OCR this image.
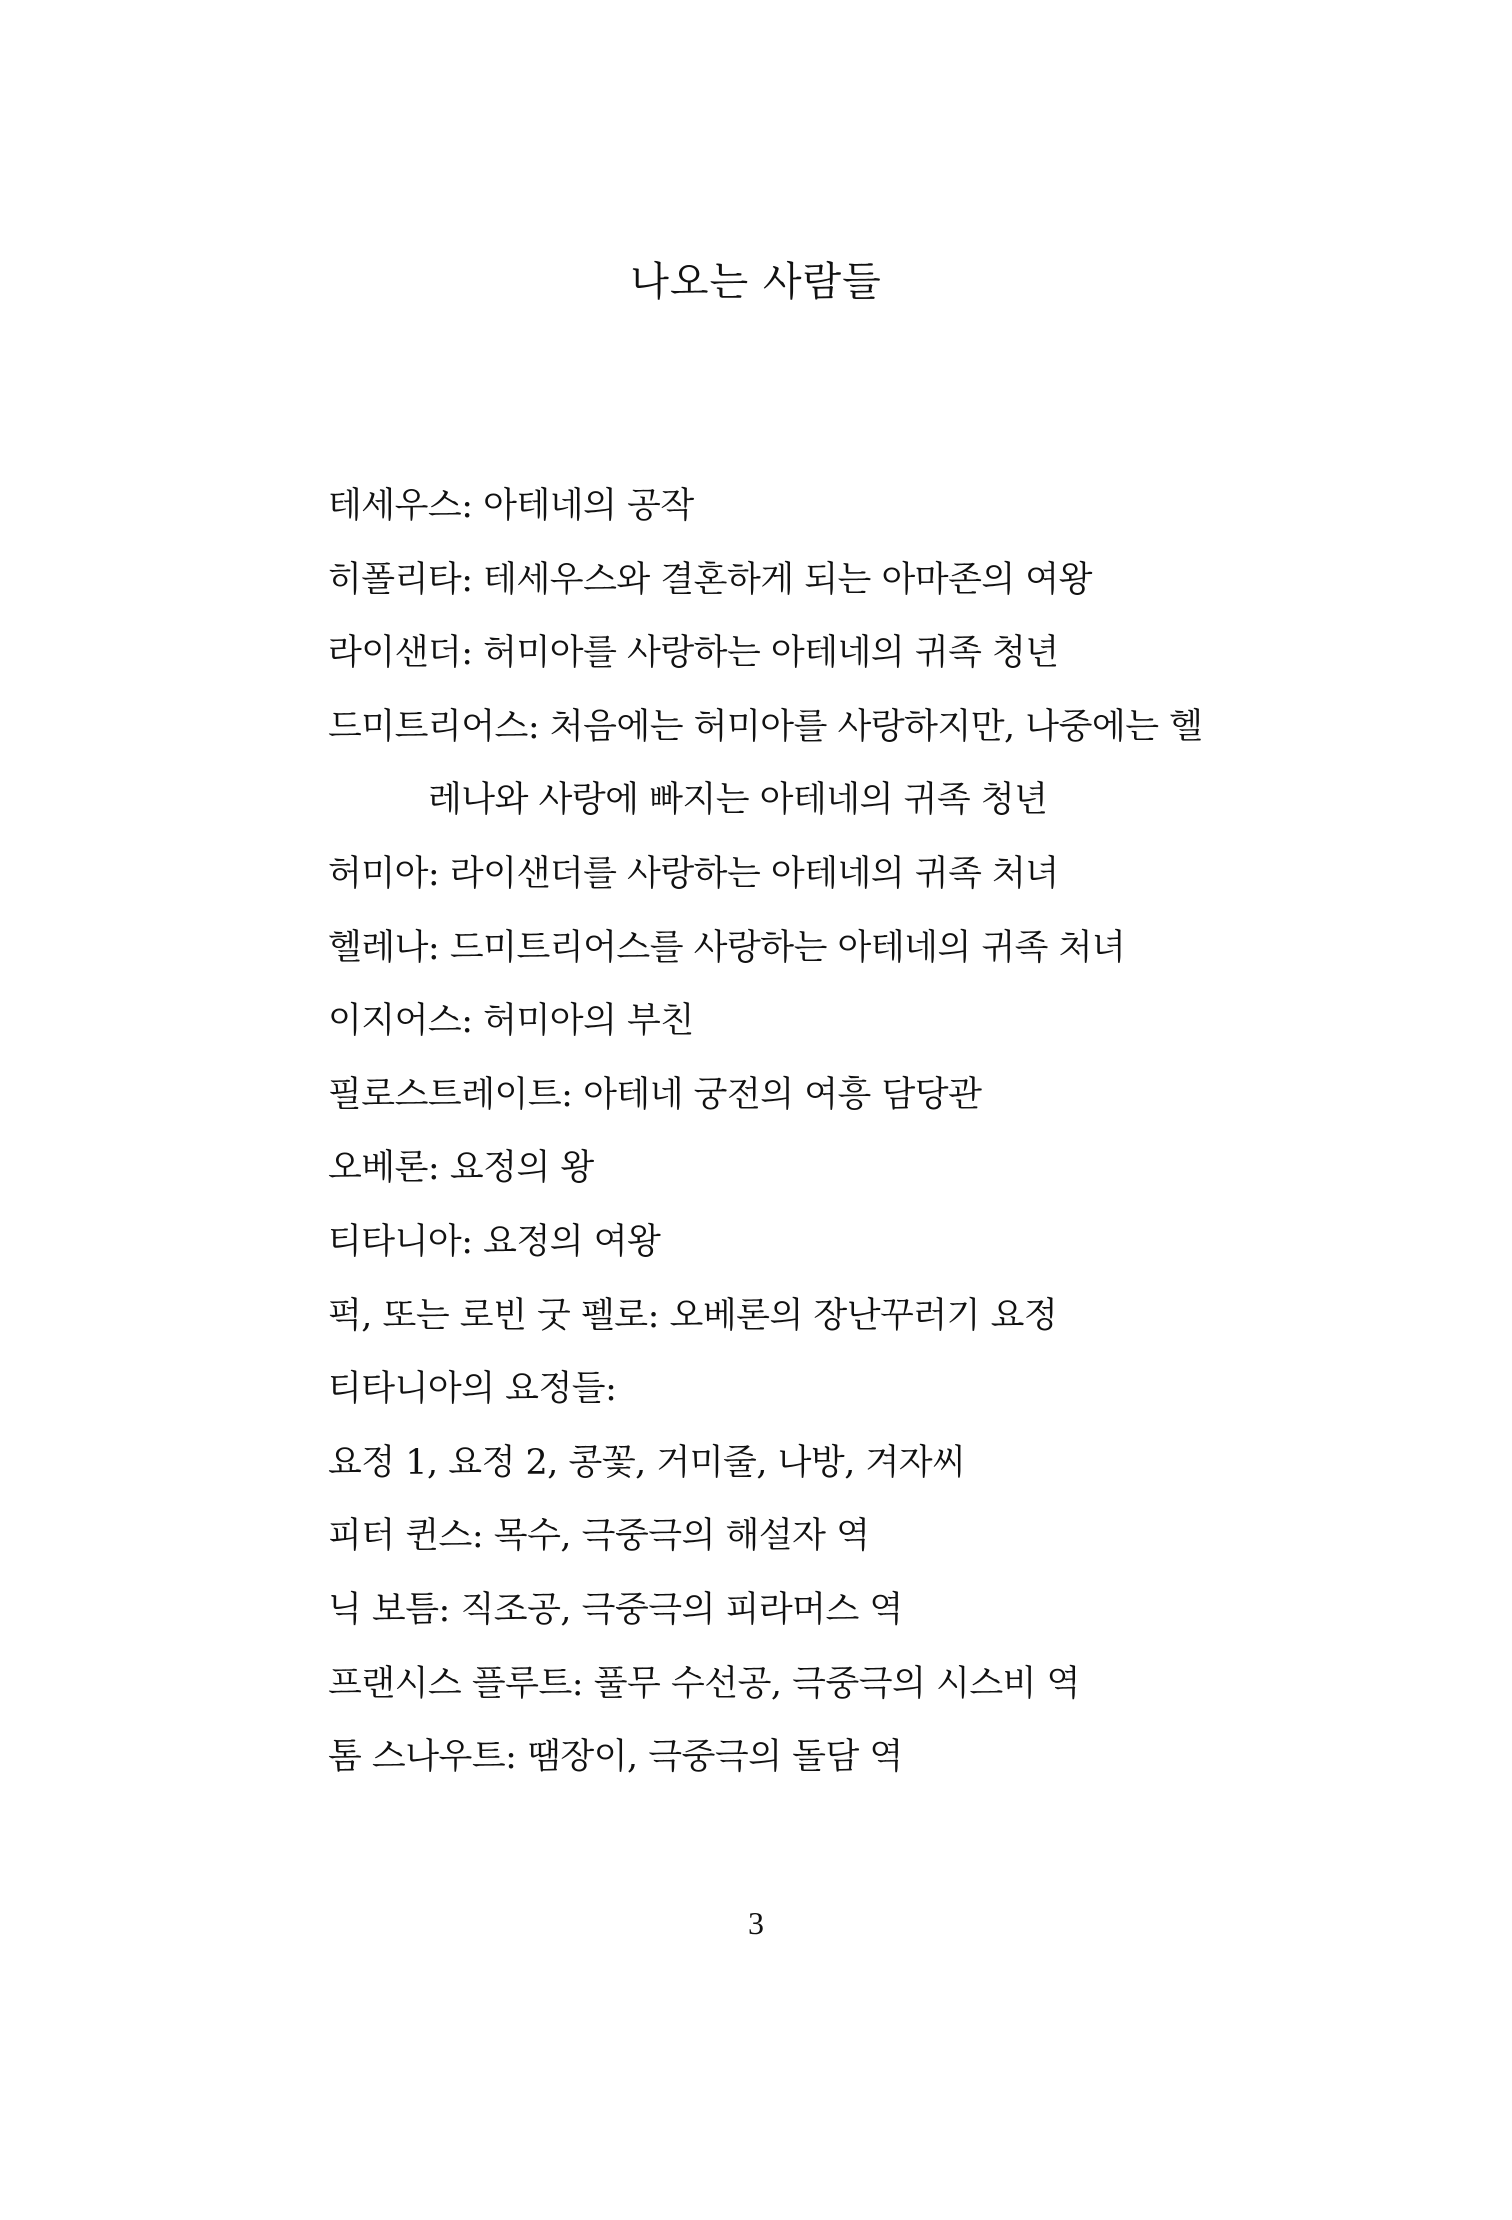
나오는 사람들
테세우스: 아테네의 공작
히폴리타: 테세우스와 결혼하게 되는 아마존의 여왕
라이샌더: 허미아를 사랑하는 아테네의 귀족 청년
드미트리어스: 처음에는 허미아를 사랑하지만, 나중에는 헬
레나와 사랑에 빠지는 아테네의 귀족 청년
허미아: 라이샌더를 사랑하는 아테네의 귀족 처녀
헬레나: 드미트리어스를 사랑하는 아테네의 귀족 처녀
이지어스: 허미아의 부친
필로스트레이트: 아테네 궁전의 여흥 담당관
오베론: 요정의 왕
티타니아: 요정의 여왕
퍽, 또는 로빈 굿 펠로: 오베론의 장난꾸러기 요정
티타니아의 요정들:
요정 1, 요정 2, 콩꽃, 거미줄, 나방, 겨자씨
피터 퀸스: 목수, 극중극의 해설자 역
닉 보틈: 직조공, 극중극의 피라머스 역
프랜시스 플루트: 풀무 수선공, 극중극의 시스비 역
톰 스나우트: 땜장이, 극중극의 돌담 역
3
